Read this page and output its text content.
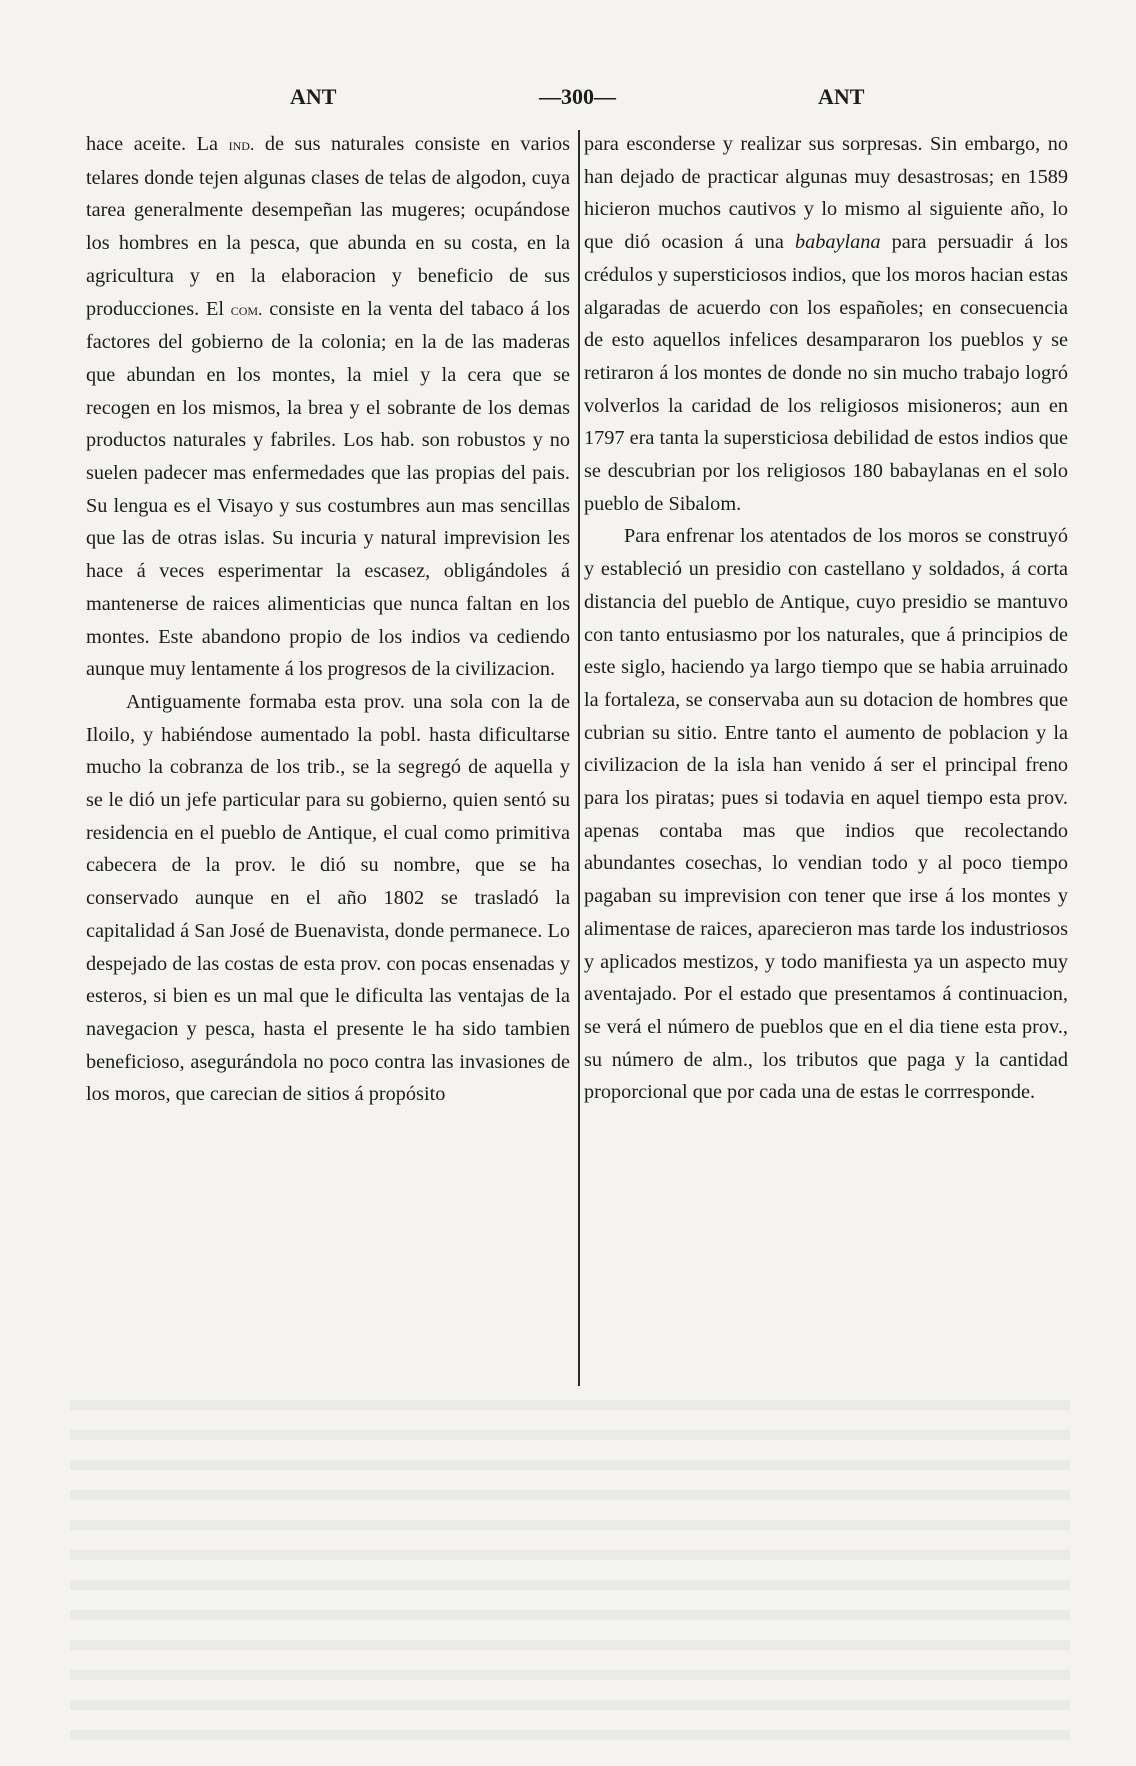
ANT	—300—	ANT

hace aceite. La ind. de sus naturales consiste en varios telares donde tejen algunas clases de telas de algodon, cuya tarea generalmente desempeñan las mugeres; ocupándose los hombres en la pesca, que abunda en su costa, en la agricultura y en la elaboracion y beneficio de sus producciones. El com. consiste en la venta del tabaco á los factores del gobierno de la colonia; en la de las maderas que abundan en los montes, la miel y la cera que se recogen en los mismos, la brea y el sobrante de los demas productos naturales y fabriles. Los hab. son robustos y no suelen padecer mas enfermedades que las propias del pais. Su lengua es el Visayo y sus costumbres aun mas sencillas que las de otras islas. Su incuria y natural imprevision les hace á veces esperimentar la escasez, obligándoles á mantenerse de raices alimenticias que nunca faltan en los montes. Este abandono propio de los indios va cediendo aunque muy lentamente á los progresos de la civilizacion.

Antiguamente formaba esta prov. una sola con la de Iloilo, y habiéndose aumentado la pobl. hasta dificultarse mucho la cobranza de los trib., se la segregó de aquella y se le dió un jefe particular para su gobierno, quien sentó su residencia en el pueblo de Antique, el cual como primitiva cabecera de la prov. le dió su nombre, que se ha conservado aunque en el año 1802 se trasladó la capitalidad á San José de Buenavista, donde permanece. Lo despejado de las costas de esta prov. con pocas ensenadas y esteros, si bien es un mal que le dificulta las ventajas de la navegacion y pesca, hasta el presente le ha sido tambien beneficioso, asegurándola no poco contra las invasiones de los moros, que carecian de sitios á propósito

para esconderse y realizar sus sorpresas. Sin embargo, no han dejado de practicar algunas muy desastrosas; en 1589 hicieron muchos cautivos y lo mismo al siguiente año, lo que dió ocasion á una babaylana para persuadir á los crédulos y supersticiosos indios, que los moros hacian estas algaradas de acuerdo con los españoles; en consecuencia de esto aquellos infelices desampararon los pueblos y se retiraron á los montes de donde no sin mucho trabajo logró volverlos la caridad de los religiosos misioneros; aun en 1797 era tanta la supersticiosa debilidad de estos indios que se descubrian por los religiosos 180 babaylanas en el solo pueblo de Sibalom.

Para enfrenar los atentados de los moros se construyó y estableció un presidio con castellano y soldados, á corta distancia del pueblo de Antique, cuyo presidio se mantuvo con tanto entusiasmo por los naturales, que á principios de este siglo, haciendo ya largo tiempo que se habia arruinado la fortaleza, se conservaba aun su dotacion de hombres que cubrian su sitio. Entre tanto el aumento de poblacion y la civilizacion de la isla han venido á ser el principal freno para los piratas; pues si todavia en aquel tiempo esta prov. apenas contaba mas que indios que recolectando abundantes cosechas, lo vendian todo y al poco tiempo pagaban su imprevision con tener que irse á los montes y alimentase de raices, aparecieron mas tarde los industriosos y aplicados mestizos, y todo manifiesta ya un aspecto muy aventajado. Por el estado que presentamos á continuacion, se verá el número de pueblos que en el dia tiene esta prov., su número de alm., los tributos que paga y la cantidad proporcional que por cada una de estas le corrresponde.
